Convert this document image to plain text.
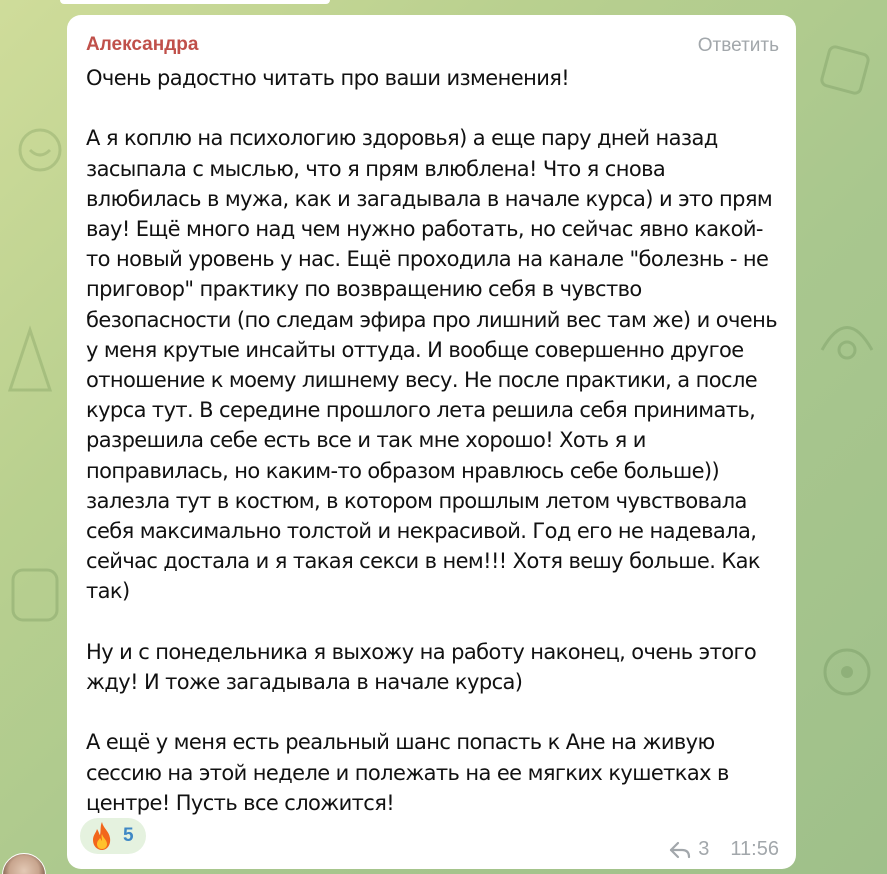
Александра	Ответить

Очень радостно читать про ваши изменения!

А я коплю на психологию здоровья) а еще пару дней назад засыпала с мыслью, что я прям влюблена! Что я снова влюбилась в мужа, как и загадывала в начале курса) и это прям вау! Ещё много над чем нужно работать, но сейчас явно какой-то новый уровень у нас. Ещё проходила на канале "болезнь - не приговор" практику по возвращению себя в чувство безопасности (по следам эфира про лишний вес там же) и очень у меня крутые инсайты оттуда. И вообще совершенно другое отношение к моему лишнему весу. Не после практики, а после курса тут. В середине прошлого лета решила себя принимать, разрешила себе есть все и так мне хорошо! Хоть я и поправилась, но каким-то образом нравлюсь себе больше)) залезла тут в костюм, в котором прошлым летом чувствовала себя максимально толстой и некрасивой. Год его не надевала, сейчас достала и я такая секси в нем!!! Хотя вешу больше. Как так)

Ну и с понедельника я выхожу на работу наконец, очень этого жду! И тоже загадывала в начале курса)

А ещё у меня есть реальный шанс попасть к Ане на живую сессию на этой неделе и полежать на ее мягких кушетках в центре! Пусть все сложится!

5
3 11:56
